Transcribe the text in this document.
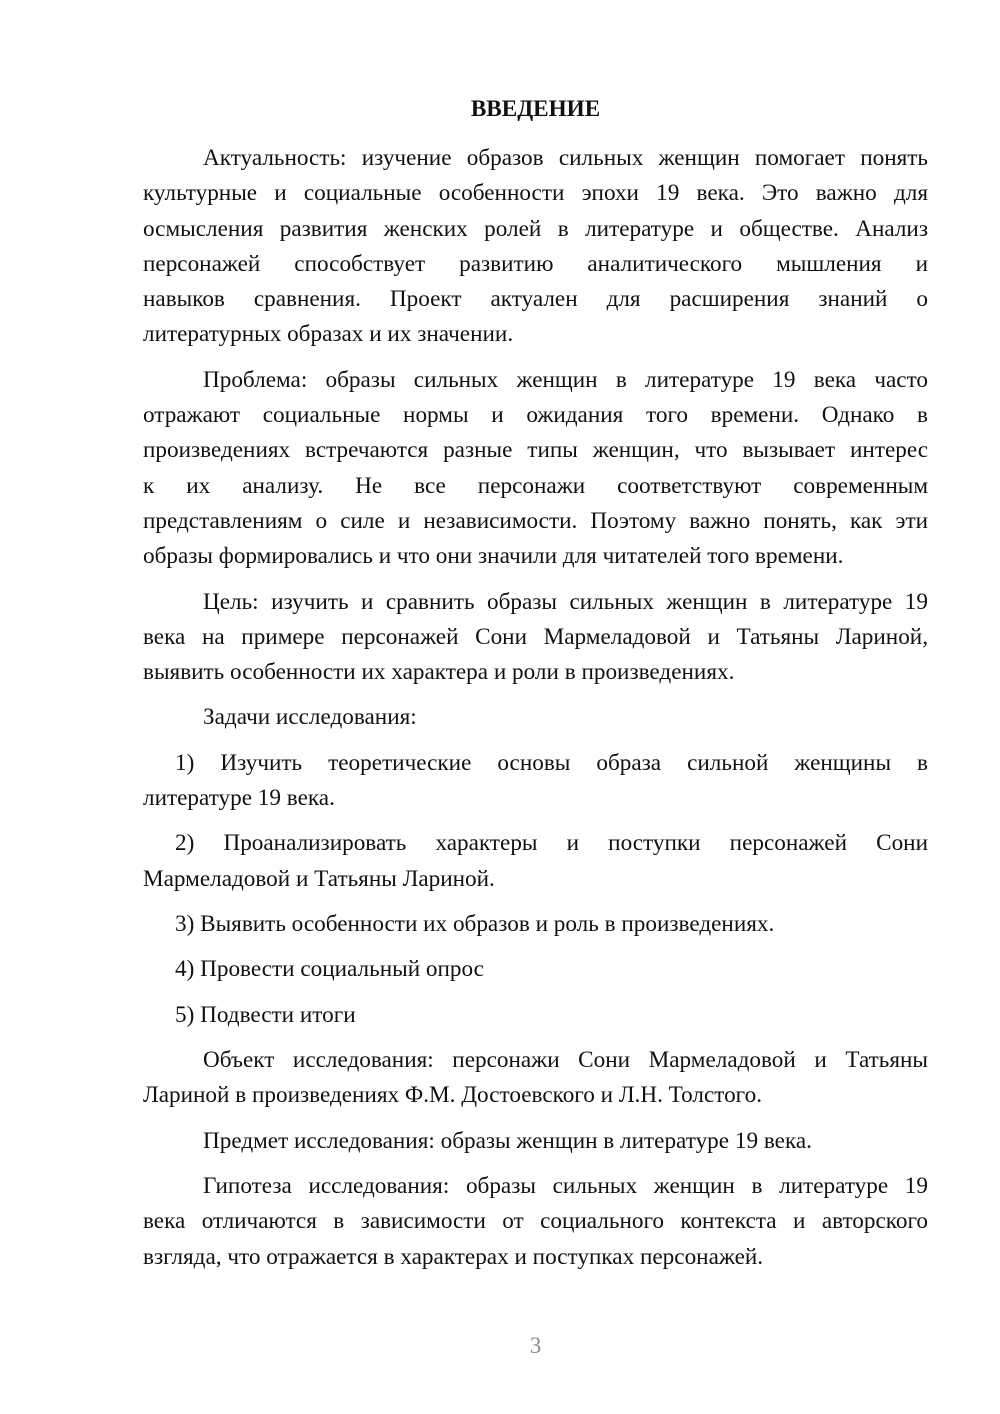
ВВЕДЕНИЕ

Актуальность: изучение образов сильных женщин помогает понять
культурные и социальные особенности эпохи 19 века. Это важно для
осмысления развития женских ролей в литературе и обществе. Анализ
персонажей способствует развитию аналитического мышления и
навыков сравнения. Проект актуален для расширения знаний о
литературных образах и их значении.

Проблема: образы сильных женщин в литературе 19 века часто
отражают социальные нормы и ожидания того времени. Однако в
произведениях встречаются разные типы женщин, что вызывает интерес
к их анализу. Не все персонажи соответствуют современным
представлениям о силе и независимости. Поэтому важно понять, как эти
образы формировались и что они значили для читателей того времени.

Цель: изучить и сравнить образы сильных женщин в литературе 19
века на примере персонажей Сони Мармеладовой и Татьяны Лариной,
выявить особенности их характера и роли в произведениях.

Задачи исследования:

1) Изучить теоретические основы образа сильной женщины в
литературе 19 века.

2) Проанализировать характеры и поступки персонажей Сони
Мармеладовой и Татьяны Лариной.

3) Выявить особенности их образов и роль в произведениях.

4) Провести социальный опрос

5) Подвести итоги

Объект исследования: персонажи Сони Мармеладовой и Татьяны
Лариной в произведениях Ф.М. Достоевского и Л.Н. Толстого.

Предмет исследования: образы женщин в литературе 19 века.

Гипотеза исследования: образы сильных женщин в литературе 19
века отличаются в зависимости от социального контекста и авторского
взгляда, что отражается в характерах и поступках персонажей.

3
